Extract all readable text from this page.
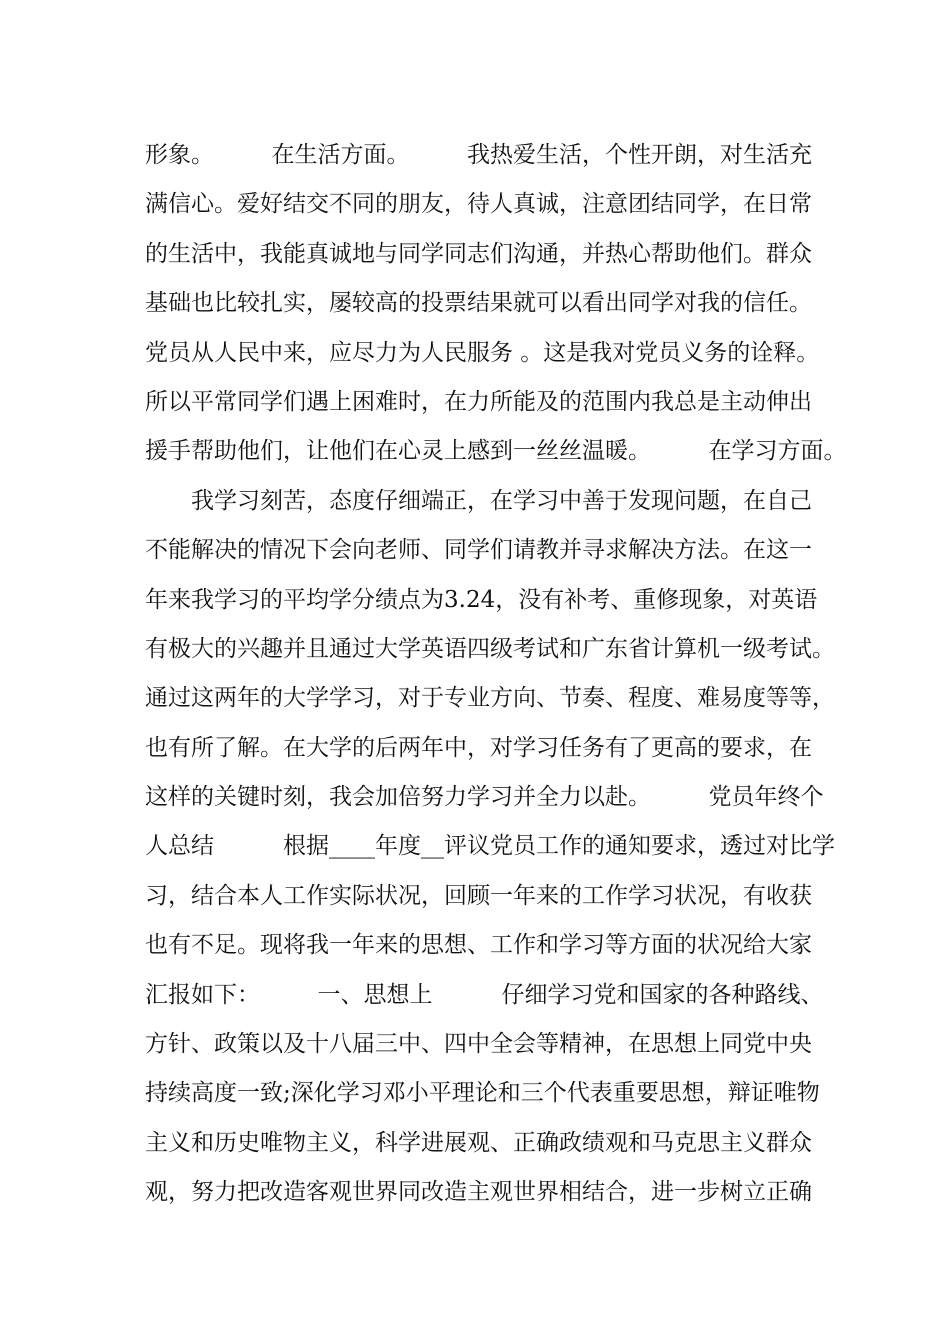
形象。　　　在生活方面。　　　我热爱生活，个性开朗，对生活充
满信心。爱好结交不同的朋友，待人真诚，注意团结同学，在日常
的生活中，我能真诚地与同学同志们沟通，并热心帮助他们。群众
基础也比较扎实，屡较高的投票结果就可以看出同学对我的信任。
党员从人民中来，应尽力为人民服务 。这是我对党员义务的诠释。
所以平常同学们遇上困难时，在力所能及的范围内我总是主动伸出
援手帮助他们，让他们在心灵上感到一丝丝温暖。　　　在学习方面。
　　我学习刻苦，态度仔细端正，在学习中善于发现问题，在自己
不能解决的情况下会向老师、同学们请教并寻求解决方法。在这一
年来我学习的平均学分绩点为3.24，没有补考、重修现象，对英语
有极大的兴趣并且通过大学英语四级考试和广东省计算机一级考试。
通过这两年的大学学习，对于专业方向、节奏、程度、难易度等等，
也有所了解。在大学的后两年中，对学习任务有了更高的要求，在
这样的关键时刻，我会加倍努力学习并全力以赴。　　　党员年终个
人总结　　　根据____年度__评议党员工作的通知要求，透过对比学
习，结合本人工作实际状况，回顾一年来的工作学习状况，有收获
也有不足。现将我一年来的思想、工作和学习等方面的状况给大家
汇报如下：　　　一、思想上　　　仔细学习党和国家的各种路线、
方针、政策以及十八届三中、四中全会等精神，在思想上同党中央
持续高度一致;深化学习邓小平理论和三个代表重要思想，辩证唯物
主义和历史唯物主义，科学进展观、正确政绩观和马克思主义群众
观，努力把改造客观世界同改造主观世界相结合，进一步树立正确
